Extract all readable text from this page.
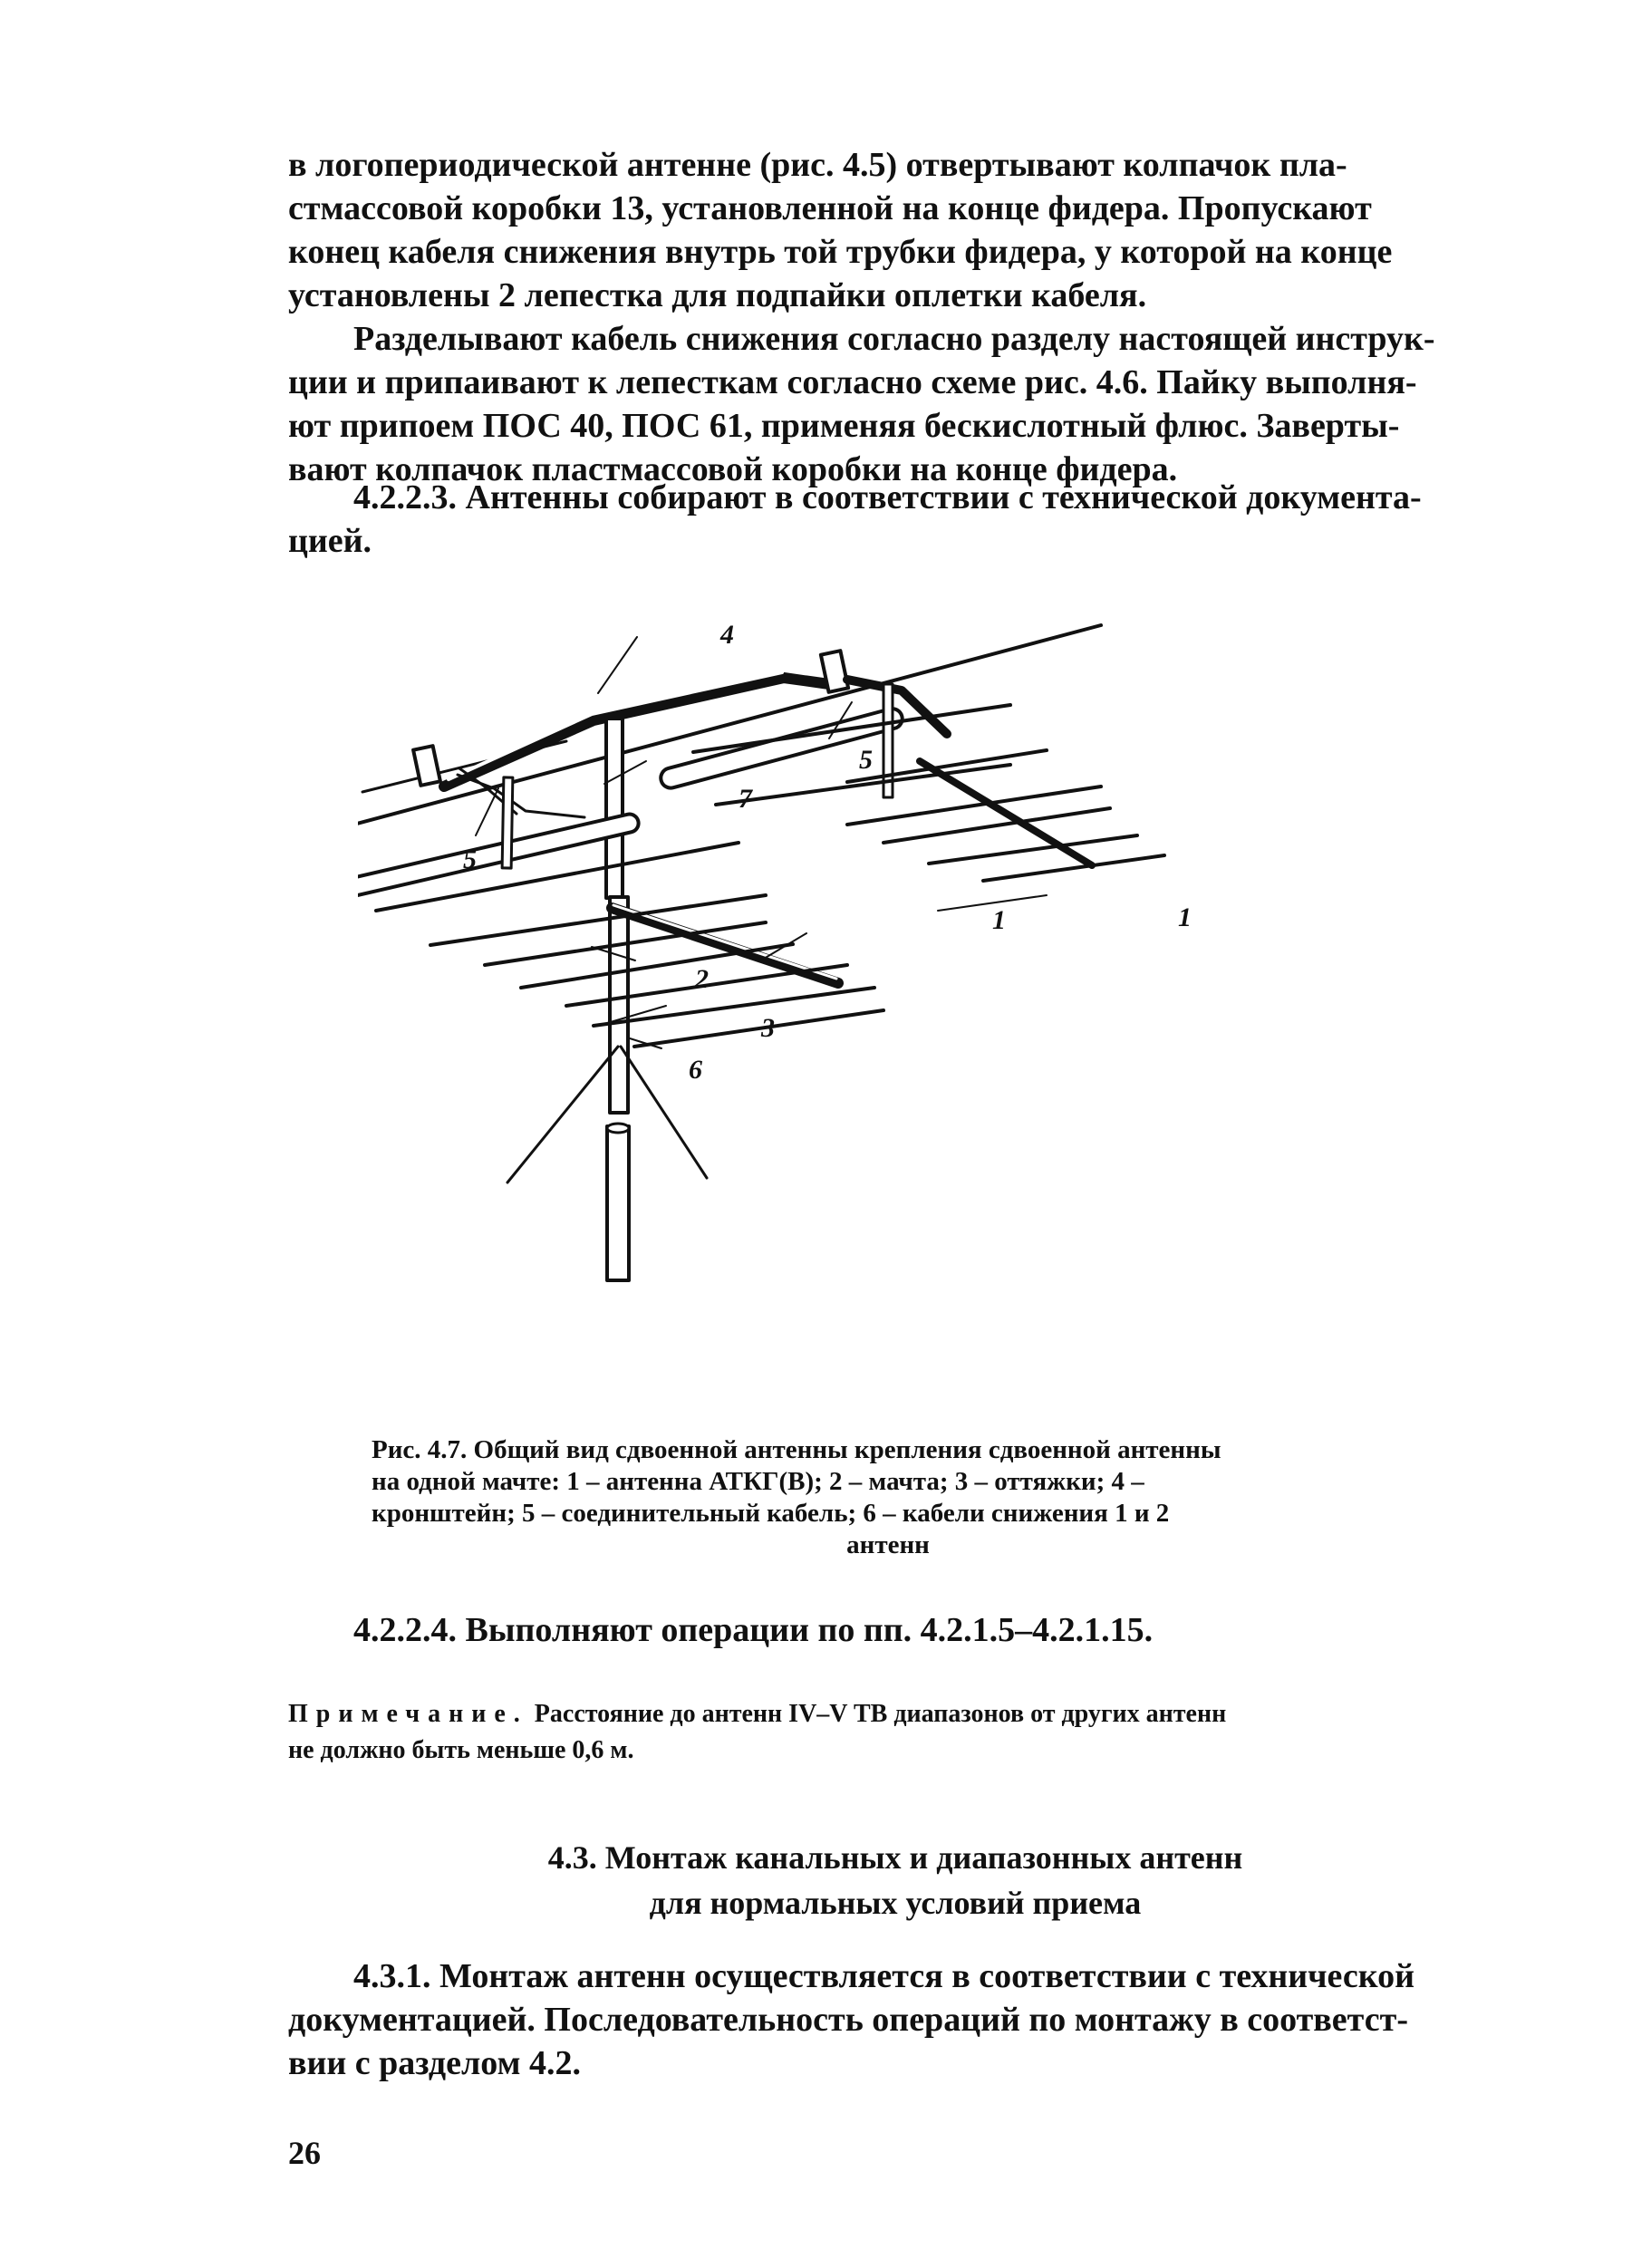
в логопериодической антенне (рис. 4.5) отвертывают колпачок пла-
стмассовой коробки 13, установленной на конце фидера. Пропускают
конец кабеля снижения внутрь той трубки фидера, у которой на конце
установлены 2 лепестка для подпайки оплетки кабеля.

Разделывают кабель снижения согласно разделу настоящей инструк-
ции и припаивают к лепесткам согласно схеме рис. 4.6. Пайку выполня-
ют припоем ПОС 40, ПОС 61, применяя бескислотный флюс. Заверты-
вают колпачок пластмассовой коробки на конце фидера.

4.2.2.3. Антенны собирают в соответствии с технической документа-
цией.

4
7
5
5
1	1
2
3
6
Рис. 4.7. Общий вид сдвоенной антенны крепления сдвоенной антенны
на одной мачте: 1 – антенна АТКГ(В); 2 – мачта; 3 – оттяжки; 4 –
кронштейн; 5 – соединительный кабель; 6 – кабели снижения 1 и 2
антенн
4.2.2.4. Выполняют операции по пп. 4.2.1.5–4.2.1.15.
Примечание. Расстояние до антенн IV–V ТВ диапазонов от других антенн
не должно быть меньше 0,6 м.
4.3. Монтаж канальных и диапазонных антенн
для нормальных условий приема

4.3.1. Монтаж антенн осуществляется в соответствии с технической
документацией. Последовательность операций по монтажу в соответст-
вии с разделом 4.2.

26
